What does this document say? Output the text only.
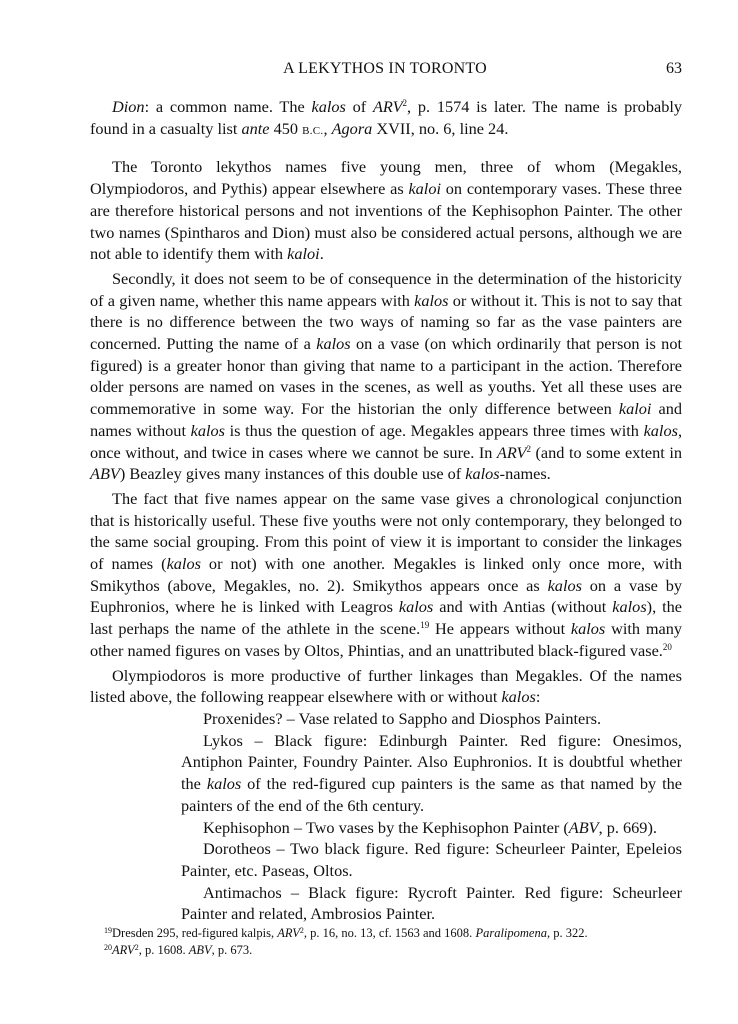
A LEKYTHOS IN TORONTO	63

Dion: a common name. The kalos of ARV$^2$, p. 1574 is later. The name is probably found in a casualty list ante 450 B.C., Agora XVII, no. 6, line 24.

The Toronto lekythos names five young men, three of whom (Megakles, Olympiodoros, and Pythis) appear elsewhere as kaloi on contemporary vases. These three are therefore historical persons and not inventions of the Kephisophon Painter. The other two names (Spintharos and Dion) must also be considered actual persons, although we are not able to identify them with kaloi.

Secondly, it does not seem to be of consequence in the determination of the historicity of a given name, whether this name appears with kalos or without it. This is not to say that there is no difference between the two ways of naming so far as the vase painters are concerned. Putting the name of a kalos on a vase (on which ordinarily that person is not figured) is a greater honor than giving that name to a participant in the action. Therefore older persons are named on vases in the scenes, as well as youths. Yet all these uses are commemorative in some way. For the historian the only difference between kaloi and names without kalos is thus the question of age. Megakles appears three times with kalos, once without, and twice in cases where we cannot be sure. In ARV$^2$ (and to some extent in ABV) Beazley gives many instances of this double use of kalos-names.

The fact that five names appear on the same vase gives a chronological conjunction that is historically useful. These five youths were not only contemporary, they belonged to the same social grouping. From this point of view it is important to consider the linkages of names (kalos or not) with one another. Megakles is linked only once more, with Smikythos (above, Megakles, no. 2). Smikythos appears once as kalos on a vase by Euphronios, where he is linked with Leagros kalos and with Antias (without kalos), the last perhaps the name of the athlete in the scene.$^{19}$ He appears without kalos with many other named figures on vases by Oltos, Phintias, and an unattributed black-figured vase.$^{20}$

Olympiodoros is more productive of further linkages than Megakles. Of the names listed above, the following reappear elsewhere with or without kalos:

Proxenides? – Vase related to Sappho and Diosphos Painters.

Lykos – Black figure: Edinburgh Painter. Red figure: Onesimos, Antiphon Painter, Foundry Painter. Also Euphronios. It is doubtful whether the kalos of the red-figured cup painters is the same as that named by the painters of the end of the 6th century.

Kephisophon – Two vases by the Kephisophon Painter (ABV, p. 669).

Dorotheos – Two black figure. Red figure: Scheurleer Painter, Epeleios Painter, etc. Paseas, Oltos.

Antimachos – Black figure: Rycroft Painter. Red figure: Scheurleer Painter and related, Ambrosios Painter.

$^{19}$Dresden 295, red-figured kalpis, ARV$^2$, p. 16, no. 13, cf. 1563 and 1608. Paralipomena, p. 322.
$^{20}$ARV$^2$, p. 1608. ABV, p. 673.
